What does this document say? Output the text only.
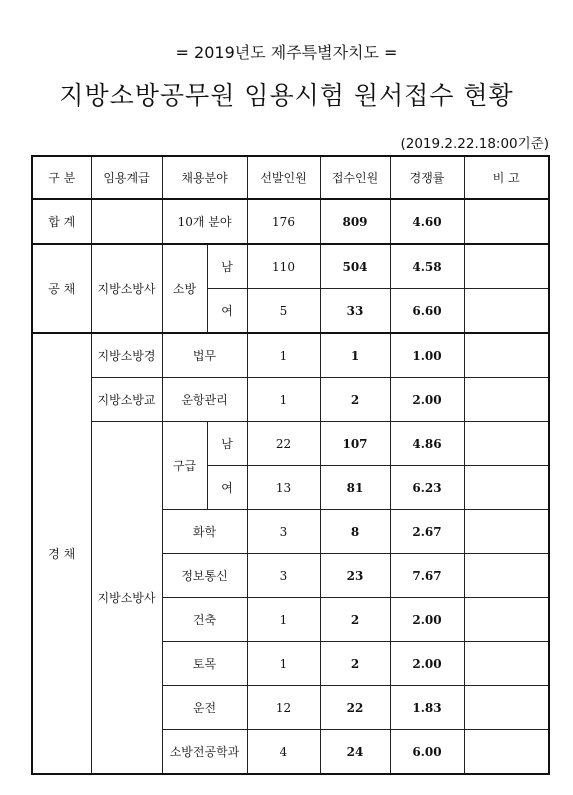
= 2019년도 제주특별자치도 =
지방소방공무원 임용시험 원서접수 현황
(2019.2.22.18:00기준)
구 분	임용계급	채용분야		선발인원	접수인원	경쟁률	비 고
합 계		10개 분야		176	809	4.60	
공 채	지방소방사	소방	남	110	504	4.58	
			여	5	33	6.60	
경 채	지방소방경	법무		1	1	1.00	
	지방소방교	운항관리		1	2	2.00	
	지방소방사	구급	남	22	107	4.86	
			여	13	81	6.23	
		화학		3	8	2.67	
		정보통신		3	23	7.67	
		건축		1	2	2.00	
		토목		1	2	2.00	
		운전		12	22	1.83	
		소방전공학과		4	24	6.00	
